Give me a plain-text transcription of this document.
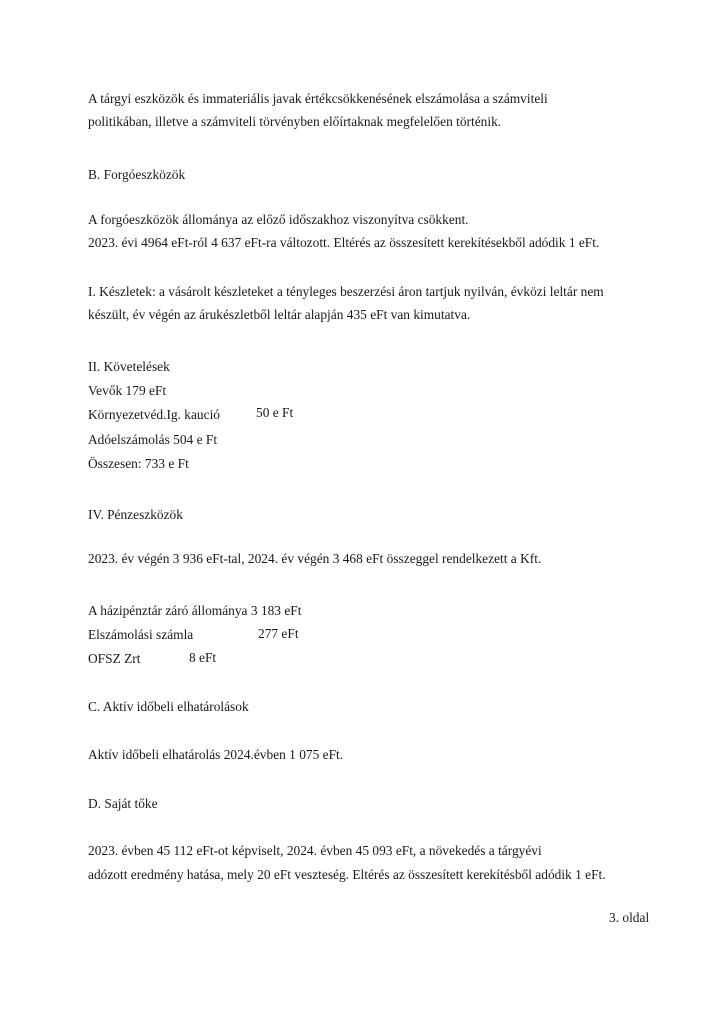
A tárgyi eszközök és immateriális javak értékcsökkenésének elszámolása a számviteli
politikában, illetve a számviteli törvényben előírtaknak megfelelően történik.
B. Forgóeszközök
A forgóeszközök állománya az előző időszakhoz viszonyítva csökkent.
2023. évi 4964 eFt-ról 4 637 eFt-ra változott. Eltérés az összesített kerekítésekből adódik 1 eFt.
I. Készletek: a vásárolt készleteket a tényleges beszerzési áron tartjuk nyilván, évközi leltár nem
készült, év végén az árukészletből leltár alapján 435 eFt van kimutatva.
II. Követelések
Vevők 179 eFt
Környezetvéd.Ig. kaució	50 e Ft
Adóelszámolás 504 e Ft
Összesen: 733 e Ft
IV. Pénzeszközök
2023. év végén 3 936 eFt-tal, 2024. év végén 3 468 eFt összeggel rendelkezett a Kft.
A házipénztár záró állománya 3 183 eFt
Elszámolási számla	277 eFt
OFSZ Zrt	8 eFt
C. Aktív időbeli elhatárolások
Aktív időbeli elhatárolás 2024.évben 1 075 eFt.
D. Saját tőke
2023. évben 45 112 eFt-ot képviselt, 2024. évben 45 093 eFt, a növekedés a tárgyévi
adózott eredmény hatása, mely 20 eFt veszteség. Eltérés az összesített kerekítésből adódik 1 eFt.
3. oldal
